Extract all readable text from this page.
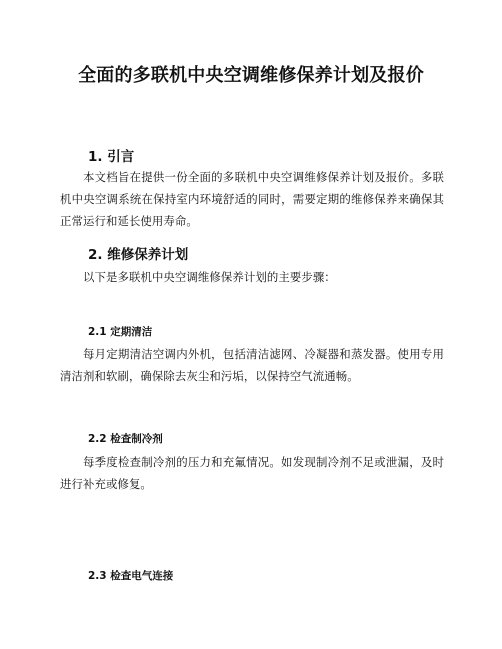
全面的多联机中央空调维修保养计划及报价
1. 引言

本文档旨在提供一份全面的多联机中央空调维修保养计划及报价。多联机中央空调系统在保持室内环境舒适的同时，需要定期的维修保养来确保其正常运行和延长使用寿命。

2. 维修保养计划

以下是多联机中央空调维修保养计划的主要步骤：

2.1 定期清洁

每月定期清洁空调内外机，包括清洁滤网、冷凝器和蒸发器。使用专用清洁剂和软刷，确保除去灰尘和污垢，以保持空气流通畅。

2.2 检查制冷剂

每季度检查制冷剂的压力和充氟情况。如发现制冷剂不足或泄漏，及时进行补充或修复。

2.3 检查电气连接
